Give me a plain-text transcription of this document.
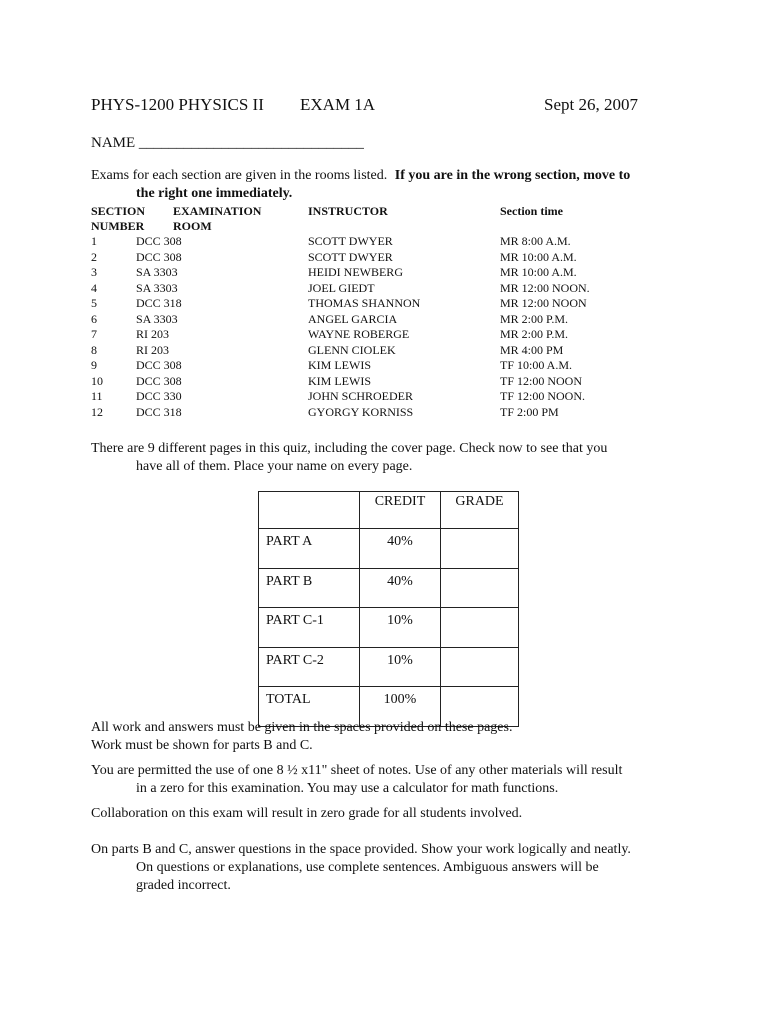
PHYS-1200 PHYSICS II EXAM 1A	Sept 26, 2007
NAME ______________________________
Exams for each section are given in the rooms listed. If you are in the wrong section, move to
the right one immediately.
SECTION
NUMBER
EXAMINATION
ROOM
INSTRUCTOR	Section time
1	DCC 308	SCOTT DWYER	MR 8:00 A.M.
2	DCC 308	SCOTT DWYER	MR 10:00 A.M.
3	SA 3303	HEIDI NEWBERG	MR 10:00 A.M.
4	SA 3303	JOEL GIEDT	MR 12:00 NOON.
5	DCC 318	THOMAS SHANNON	MR 12:00 NOON
6	SA 3303	ANGEL GARCIA	MR 2:00 P.M.
7	RI 203	WAYNE ROBERGE	MR 2:00 P.M.
8	RI 203	GLENN CIOLEK	MR 4:00 PM
9	DCC 308	KIM LEWIS	TF 10:00 A.M.
10	DCC 308	KIM LEWIS	TF 12:00 NOON
11	DCC 330	JOHN SCHROEDER	TF 12:00 NOON.
12	DCC 318	GYORGY KORNISS	TF 2:00 PM
There are 9 different pages in this quiz, including the cover page. Check now to see that you
have all of them. Place your name on every page.
	CREDIT	GRADE
PART A	40%	
PART B	40%	
PART C-1	10%	
PART C-2	10%	
TOTAL	100%	
All work and answers must be given in the spaces provided on these pages.
Work must be shown for parts B and C.
You are permitted the use of one 8 ½ x11" sheet of notes. Use of any other materials will result
in a zero for this examination. You may use a calculator for math functions.
Collaboration on this exam will result in zero grade for all students involved.
On parts B and C, answer questions in the space provided. Show your work logically and neatly.
On questions or explanations, use complete sentences. Ambiguous answers will be
graded incorrect.
